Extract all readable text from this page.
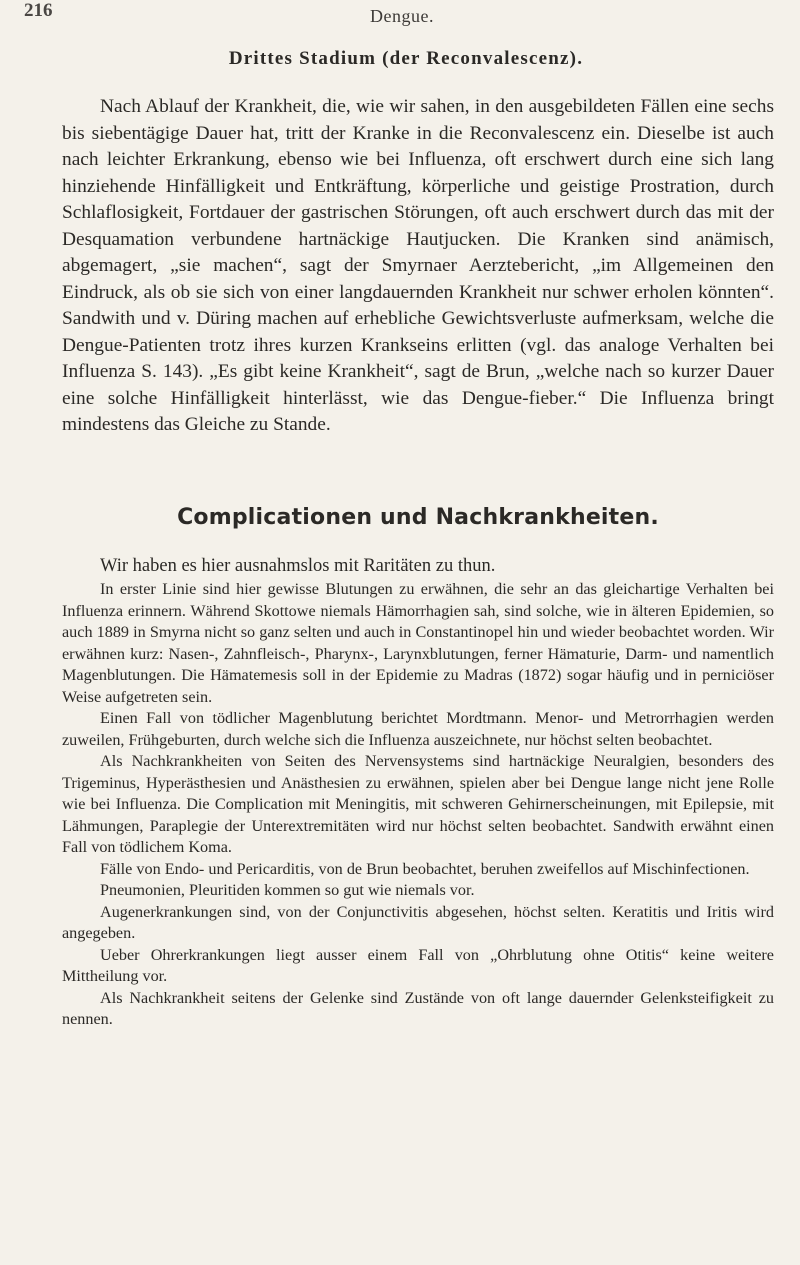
216	Dengue.
Drittes Stadium (der Reconvalescenz).

Nach Ablauf der Krankheit, die, wie wir sahen, in den ausgebildeten Fällen eine sechs bis siebentägige Dauer hat, tritt der Kranke in die Reconvalescenz ein. Dieselbe ist auch nach leichter Erkrankung, ebenso wie bei Influenza, oft erschwert durch eine sich lang hinziehende Hinfälligkeit und Entkräftung, körperliche und geistige Prostration, durch Schlaflosigkeit, Fortdauer der gastrischen Störungen, oft auch erschwert durch das mit der Desquamation verbundene hartnäckige Hautjucken. Die Kranken sind anämisch, abgemagert, „sie machen“, sagt der Smyrnaer Aerztebericht, „im Allgemeinen den Eindruck, als ob sie sich von einer langdauernden Krankheit nur schwer erholen könnten“. Sandwith und v. Düring machen auf erhebliche Gewichtsverluste aufmerksam, welche die Dengue-Patienten trotz ihres kurzen Krankseins erlitten (vgl. das analoge Verhalten bei Influenza S. 143). „Es gibt keine Krankheit“, sagt de Brun, „welche nach so kurzer Dauer eine solche Hinfälligkeit hinterlässt, wie das Dengue-fieber.“ Die Influenza bringt mindestens das Gleiche zu Stande.

Complicationen und Nachkrankheiten.

Wir haben es hier ausnahmslos mit Raritäten zu thun.

In erster Linie sind hier gewisse Blutungen zu erwähnen, die sehr an das gleichartige Verhalten bei Influenza erinnern. Während Skottowe niemals Hämorrhagien sah, sind solche, wie in älteren Epidemien, so auch 1889 in Smyrna nicht so ganz selten und auch in Constantinopel hin und wieder beobachtet worden. Wir erwähnen kurz: Nasen-, Zahnfleisch-, Pharynx-, Larynxblutungen, ferner Hämaturie, Darm- und namentlich Magenblutungen. Die Hämatemesis soll in der Epidemie zu Madras (1872) sogar häufig und in perniciöser Weise aufgetreten sein.

Einen Fall von tödlicher Magenblutung berichtet Mordtmann. Menor- und Metrorrhagien werden zuweilen, Frühgeburten, durch welche sich die Influenza auszeichnete, nur höchst selten beobachtet.

Als Nachkrankheiten von Seiten des Nervensystems sind hartnäckige Neuralgien, besonders des Trigeminus, Hyperästhesien und Anästhesien zu erwähnen, spielen aber bei Dengue lange nicht jene Rolle wie bei Influenza. Die Complication mit Meningitis, mit schweren Gehirnerscheinungen, mit Epilepsie, mit Lähmungen, Paraplegie der Unterextremitäten wird nur höchst selten beobachtet. Sandwith erwähnt einen Fall von tödlichem Koma.

Fälle von Endo- und Pericarditis, von de Brun beobachtet, beruhen zweifellos auf Mischinfectionen.

Pneumonien, Pleuritiden kommen so gut wie niemals vor.

Augenerkrankungen sind, von der Conjunctivitis abgesehen, höchst selten. Keratitis und Iritis wird angegeben.

Ueber Ohrerkrankungen liegt ausser einem Fall von „Ohrblutung ohne Otitis“ keine weitere Mittheilung vor.

Als Nachkrankheit seitens der Gelenke sind Zustände von oft lange dauernder Gelenksteifigkeit zu nennen.
